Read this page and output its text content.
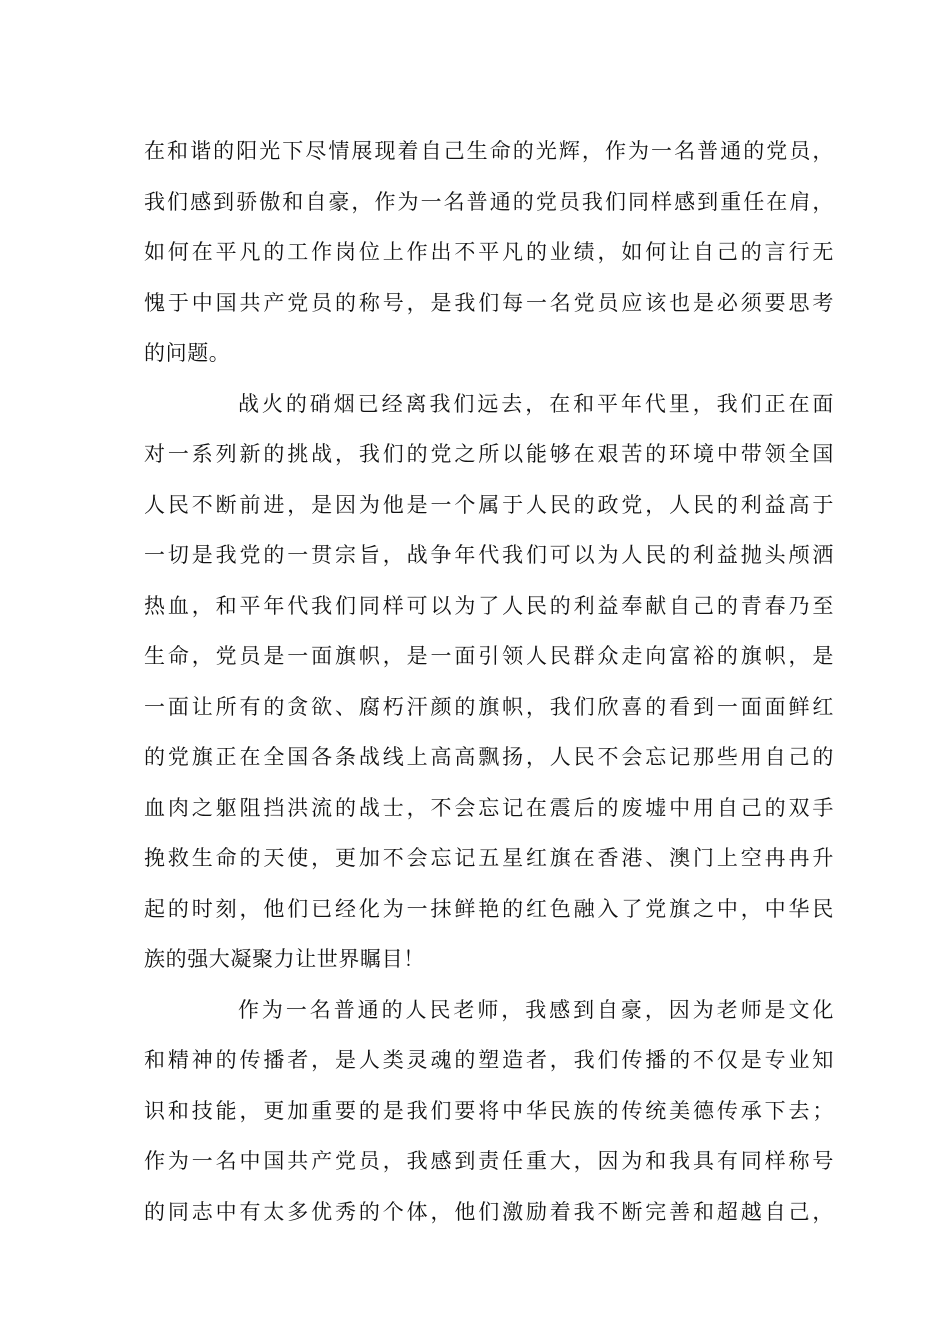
在和谐的阳光下尽情展现着自己生命的光辉，作为一名普通的党员，
我们感到骄傲和自豪，作为一名普通的党员我们同样感到重任在肩，
如何在平凡的工作岗位上作出不平凡的业绩，如何让自己的言行无
愧于中国共产党员的称号，是我们每一名党员应该也是必须要思考
的问题。
战火的硝烟已经离我们远去，在和平年代里，我们正在面
对一系列新的挑战，我们的党之所以能够在艰苦的环境中带领全国
人民不断前进，是因为他是一个属于人民的政党，人民的利益高于
一切是我党的一贯宗旨，战争年代我们可以为人民的利益抛头颅洒
热血，和平年代我们同样可以为了人民的利益奉献自己的青春乃至
生命，党员是一面旗帜，是一面引领人民群众走向富裕的旗帜，是
一面让所有的贪欲、腐朽汗颜的旗帜，我们欣喜的看到一面面鲜红
的党旗正在全国各条战线上高高飘扬，人民不会忘记那些用自己的
血肉之躯阻挡洪流的战士，不会忘记在震后的废墟中用自己的双手
挽救生命的天使，更加不会忘记五星红旗在香港、澳门上空冉冉升
起的时刻，他们已经化为一抹鲜艳的红色融入了党旗之中，中华民
族的强大凝聚力让世界瞩目！
作为一名普通的人民老师，我感到自豪，因为老师是文化
和精神的传播者，是人类灵魂的塑造者，我们传播的不仅是专业知
识和技能，更加重要的是我们要将中华民族的传统美德传承下去；
作为一名中国共产党员，我感到责任重大，因为和我具有同样称号
的同志中有太多优秀的个体，他们激励着我不断完善和超越自己，
